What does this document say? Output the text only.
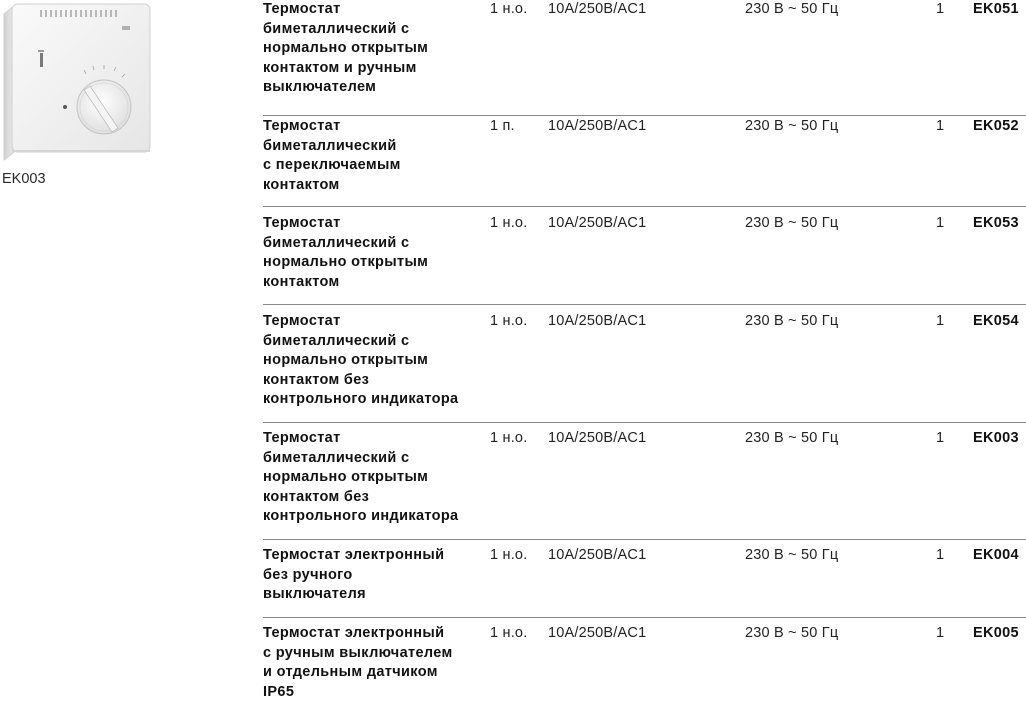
EK003
Термостат
биметаллический с
нормально открытым
контактом и ручным
выключателем
1 н.о. 10A/250B/AC1	230 В ~ 50 Гц	1 EK051
Термостат
биметаллический
с переключаемым
контактом
1 п. 10A/250B/AC1	230 В ~ 50 Гц	1 EK052
Термостат
биметаллический с
нормально открытым
контактом
1 н.о. 10A/250B/AC1	230 В ~ 50 Гц	1 EK053
Термостат
биметаллический с
нормально открытым
контактом без
контрольного индикатора
1 н.о. 10A/250B/AC1	230 В ~ 50 Гц	1 EK054
Термостат
биметаллический с
нормально открытым
контактом без
контрольного индикатора
1 н.о. 10A/250B/AC1	230 В ~ 50 Гц	1 EK003
Термостат электронный
без ручного
выключателя
1 н.о. 10A/250B/AC1	230 В ~ 50 Гц	1 EK004
Термостат электронный
с ручным выключателем
и отдельным датчиком
IP65
1 н.о. 10A/250B/AC1	230 В ~ 50 Гц	1 EK005
